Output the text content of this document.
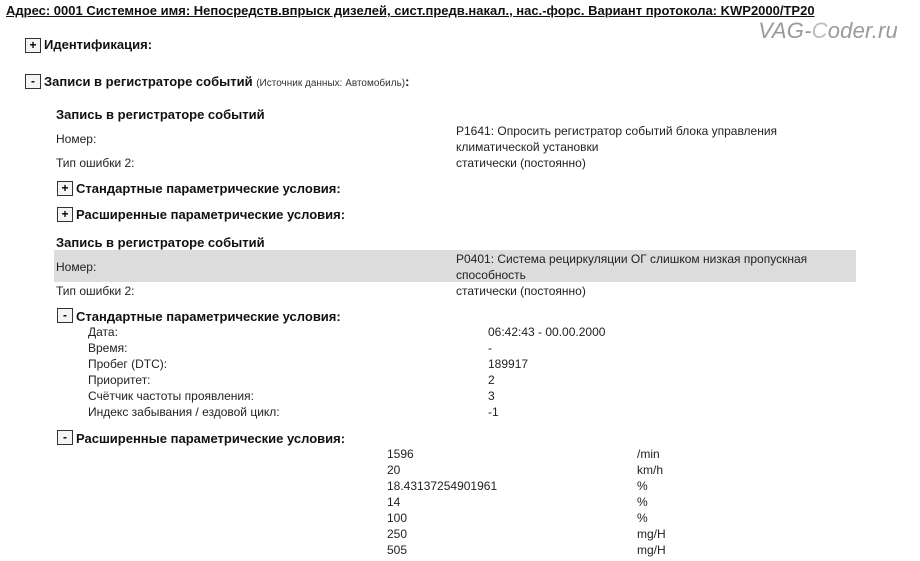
Адрес: 0001 Системное имя: Непосредств.впрыск дизелей, сист.предв.накал., нас.-форс. Вариант протокола: KWP2000/TP20
VAG-Coder.ru
+ Идентификация:
- Записи в регистраторе событий (Источник данных: Автомобиль):
Запись в регистраторе событий
Номер:
P1641: Опросить регистратор событий блока управления климатической установки
Тип ошибки 2:	статически (постоянно)
+ Стандартные параметрические условия:
+ Расширенные параметрические условия:
Запись в регистраторе событий
Номер:
P0401: Система рециркуляции ОГ слишком низкая пропускная способность
Тип ошибки 2:	статически (постоянно)
- Стандартные параметрические условия:
Дата:	06:42:43 - 00.00.2000
Время:	-
Пробег (DTC):	189917
Приоритет:	2
Счётчик частоты проявления:	3
Индекс забывания / ездовой цикл:	-1
- Расширенные параметрические условия:
1596	/min
20	km/h
18.43137254901961	%
14	%
100	%
250	mg/H
505	mg/H
